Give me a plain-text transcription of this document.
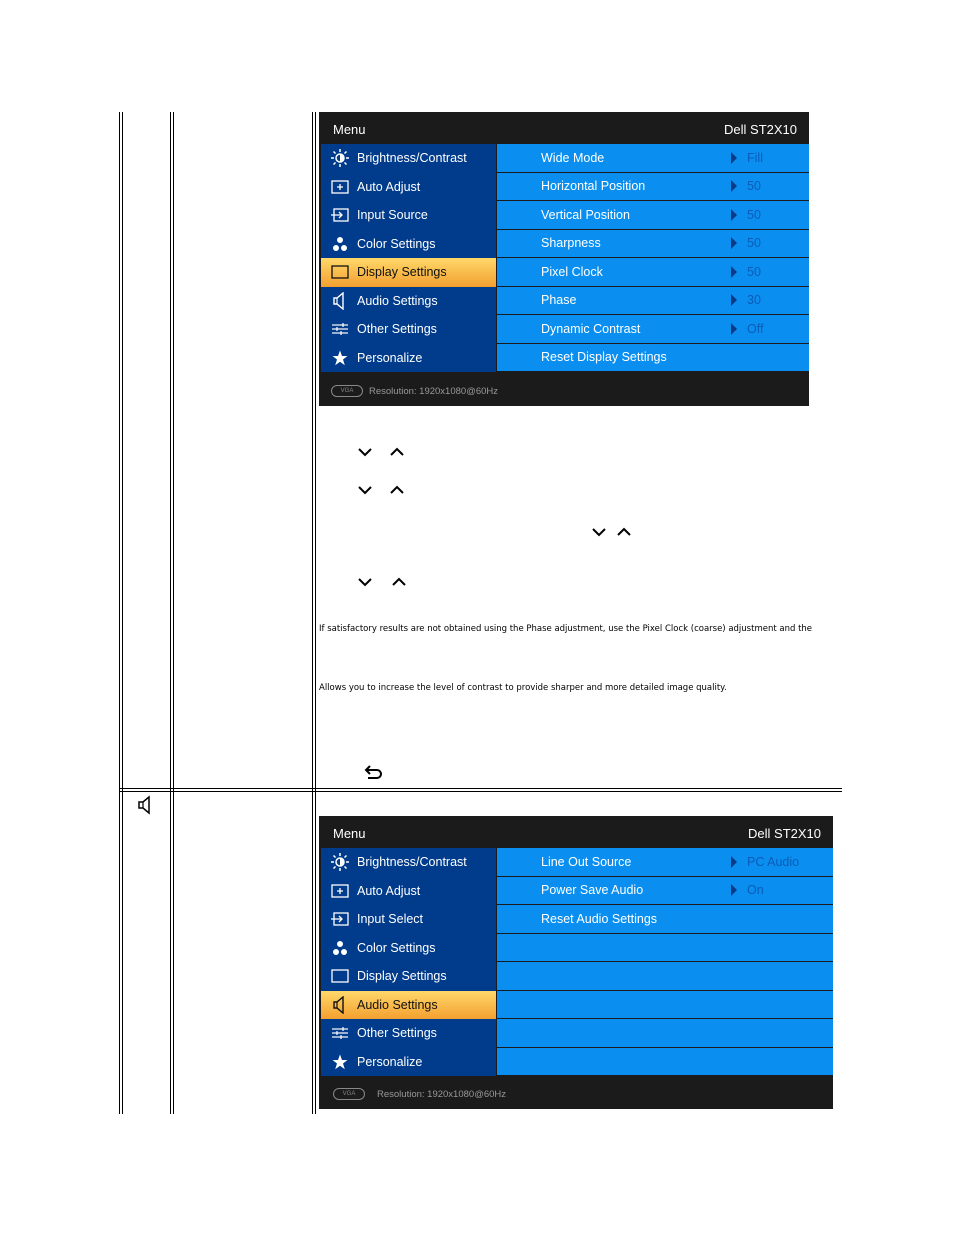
Menu	Dell ST2X10
Brightness/Contrast
Auto Adjust
Input Source
Color Settings
Display Settings
Audio Settings
Other Settings
Personalize
Wide Mode	Fill
Horizontal Position	50
Vertical Position	50
Sharpness	50
Pixel Clock	50
Phase	30
Dynamic Contrast	Off
Reset Display Settings
VGA	Resolution:
1920x1080@60Hz
If satisfactory results are not obtained using the Phase adjustment, use the Pixel Clock (coarse) adjustment and the
Allows you to increase the level of contrast to provide sharper and more detailed image quality.
Menu	Dell ST2X10
Brightness/Contrast
Auto Adjust
Input Select
Color Settings
Display Settings
Audio Settings
Other Settings
Personalize
Line Out Source	PC Audio
Power Save Audio	On
Reset Audio Settings
VGA	Resolution:
1920x1080@60Hz
